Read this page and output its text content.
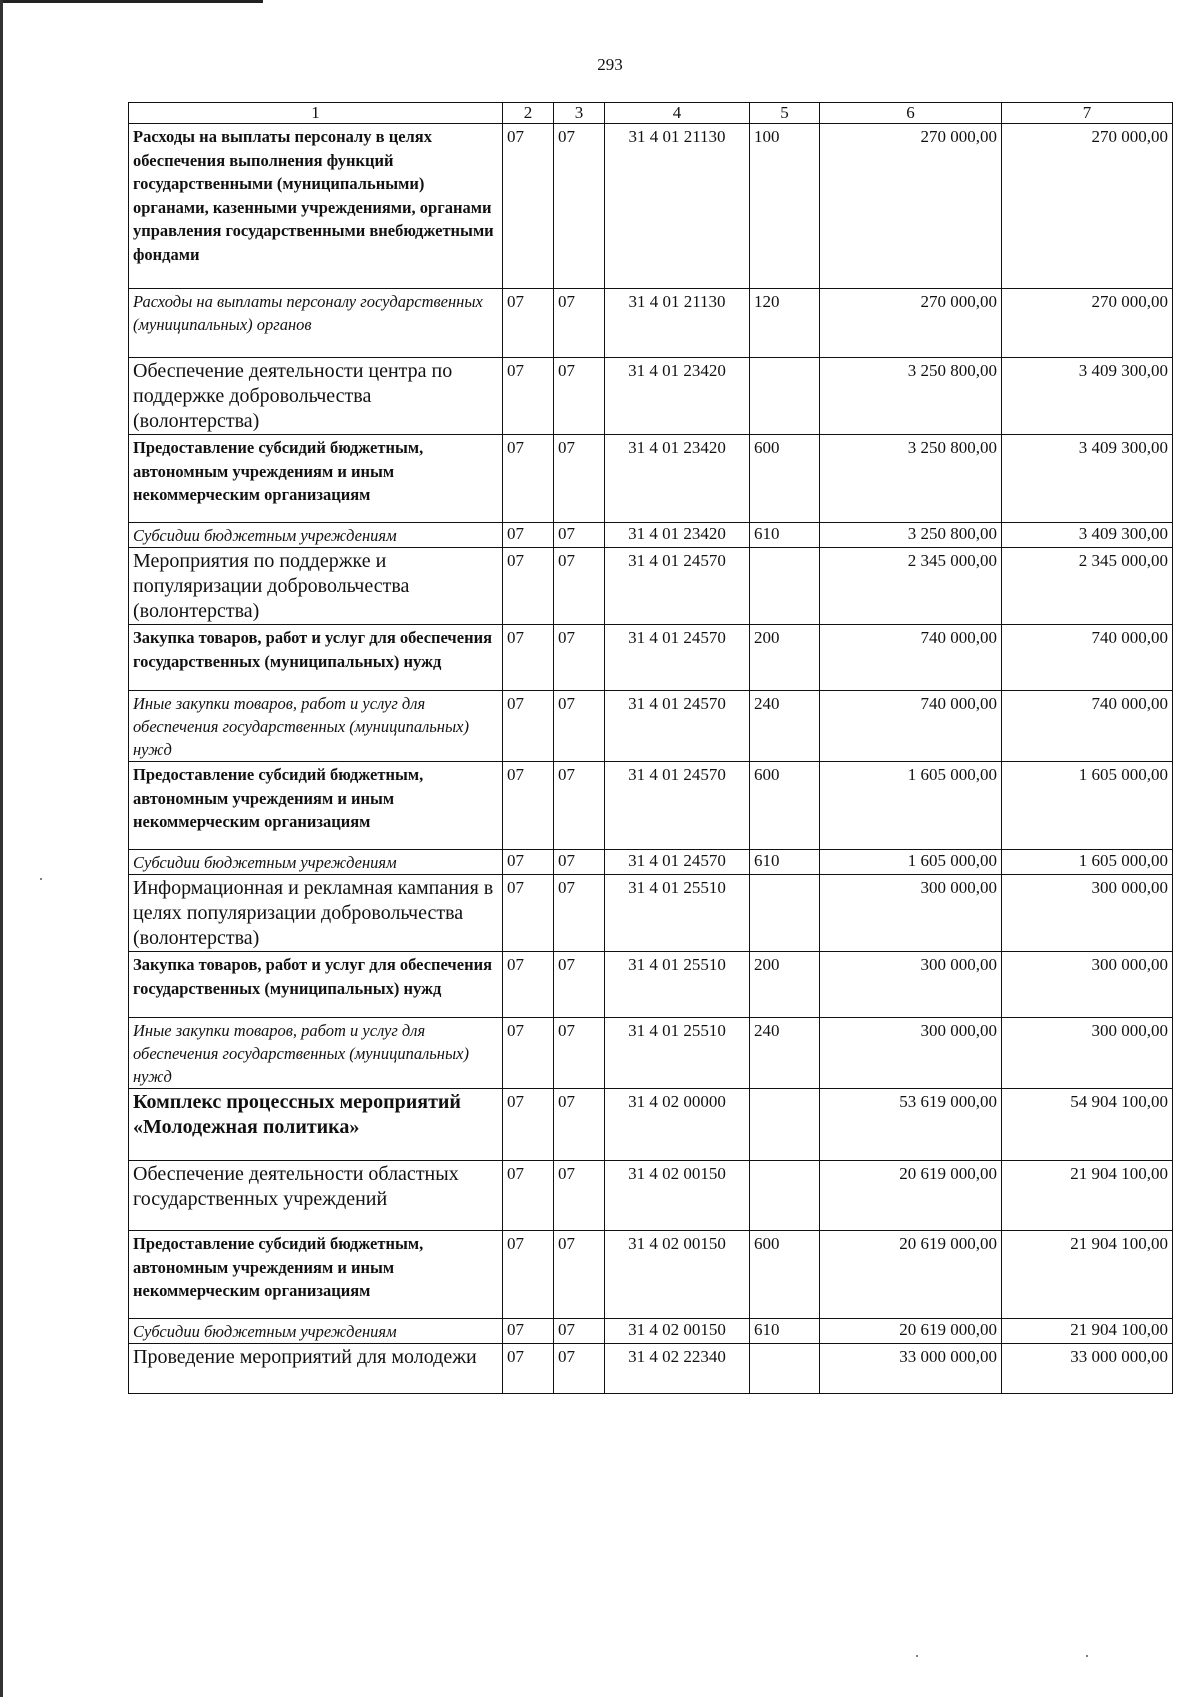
293
1	2	3	4	5	6	7
Расходы на выплаты персоналу в целях обеспечения выполнения функций государственными (муниципальными) органами, казенными учреждениями, органами управления государственными внебюджетными фондами	07	07	31 4 01 21130	100	270 000,00	270 000,00
Расходы на выплаты персоналу государственных (муниципальных) органов	07	07	31 4 01 21130	120	270 000,00	270 000,00
Обеспечение деятельности центра по поддержке добровольчества (волонтерства)	07	07	31 4 01 23420		3 250 800,00	3 409 300,00
Предоставление субсидий бюджетным, автономным учреждениям и иным некоммерческим организациям	07	07	31 4 01 23420	600	3 250 800,00	3 409 300,00
Субсидии бюджетным учреждениям	07	07	31 4 01 23420	610	3 250 800,00	3 409 300,00
Мероприятия по поддержке и популяризации добровольчества (волонтерства)	07	07	31 4 01 24570		2 345 000,00	2 345 000,00
Закупка товаров, работ и услуг для обеспечения государственных (муниципальных) нужд	07	07	31 4 01 24570	200	740 000,00	740 000,00
Иные закупки товаров, работ и услуг для обеспечения государственных (муниципальных) нужд	07	07	31 4 01 24570	240	740 000,00	740 000,00
Предоставление субсидий бюджетным, автономным учреждениям и иным некоммерческим организациям	07	07	31 4 01 24570	600	1 605 000,00	1 605 000,00
Субсидии бюджетным учреждениям	07	07	31 4 01 24570	610	1 605 000,00	1 605 000,00
Информационная и рекламная кампания в целях популяризации добровольчества (волонтерства)	07	07	31 4 01 25510		300 000,00	300 000,00
Закупка товаров, работ и услуг для обеспечения государственных (муниципальных) нужд	07	07	31 4 01 25510	200	300 000,00	300 000,00
Иные закупки товаров, работ и услуг для обеспечения государственных (муниципальных) нужд	07	07	31 4 01 25510	240	300 000,00	300 000,00
Комплекс процессных мероприятий «Молодежная политика»	07	07	31 4 02 00000		53 619 000,00	54 904 100,00
Обеспечение деятельности областных государственных учреждений	07	07	31 4 02 00150		20 619 000,00	21 904 100,00
Предоставление субсидий бюджетным, автономным учреждениям и иным некоммерческим организациям	07	07	31 4 02 00150	600	20 619 000,00	21 904 100,00
Субсидии бюджетным учреждениям	07	07	31 4 02 00150	610	20 619 000,00	21 904 100,00
Проведение мероприятий для молодежи	07	07	31 4 02 22340		33 000 000,00	33 000 000,00
